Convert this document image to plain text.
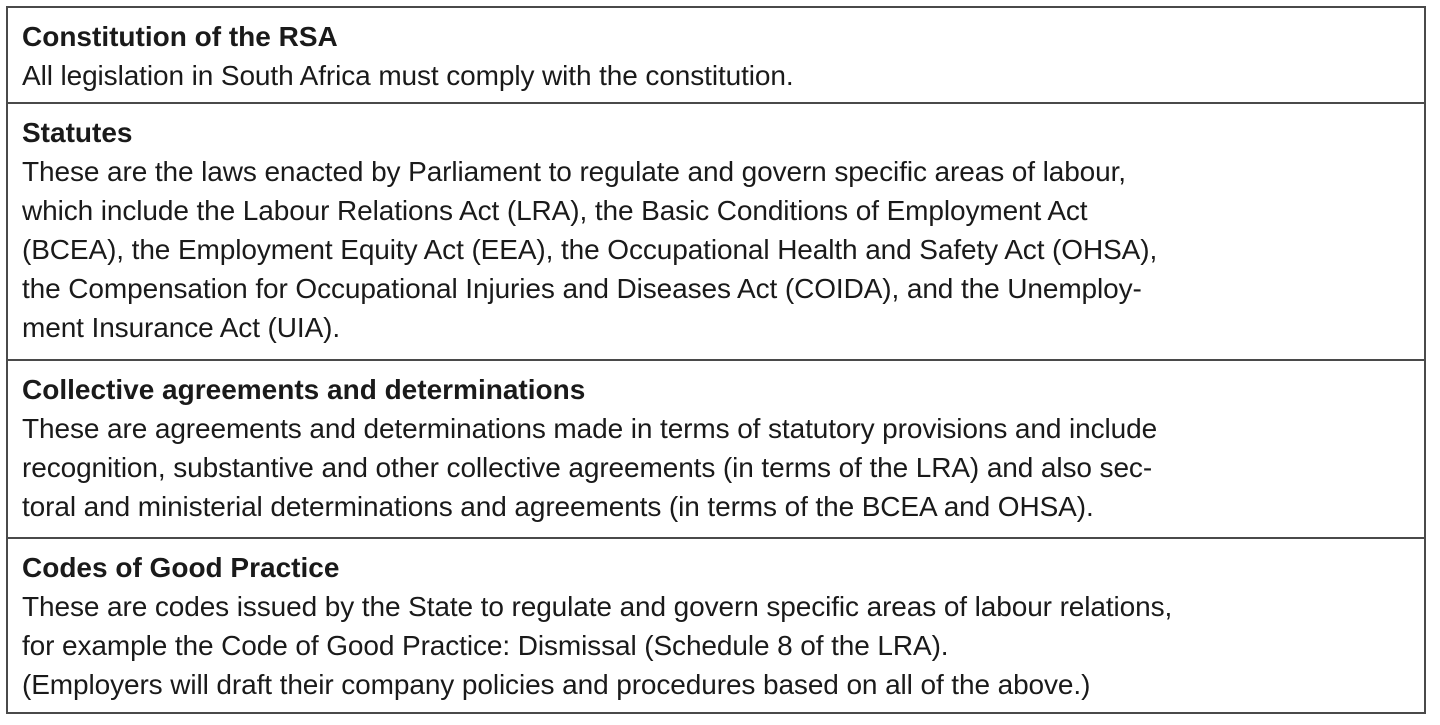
Constitution of the RSA

All legislation in South Africa must comply with the constitution.

Statutes

These are the laws enacted by Parliament to regulate and govern specific areas of labour,

which include the Labour Relations Act (LRA), the Basic Conditions of Employment Act

(BCEA), the Employment Equity Act (EEA), the Occupational Health and Safety Act (OHSA),

the Compensation for Occupational Injuries and Diseases Act (COIDA), and the Unemploy-

ment Insurance Act (UIA).

Collective agreements and determinations

These are agreements and determinations made in terms of statutory provisions and include

recognition, substantive and other collective agreements (in terms of the LRA) and also sec-

toral and ministerial determinations and agreements (in terms of the BCEA and OHSA).

Codes of Good Practice

These are codes issued by the State to regulate and govern specific areas of labour relations,

for example the Code of Good Practice: Dismissal (Schedule 8 of the LRA).

(Employers will draft their company policies and procedures based on all of the above.)
